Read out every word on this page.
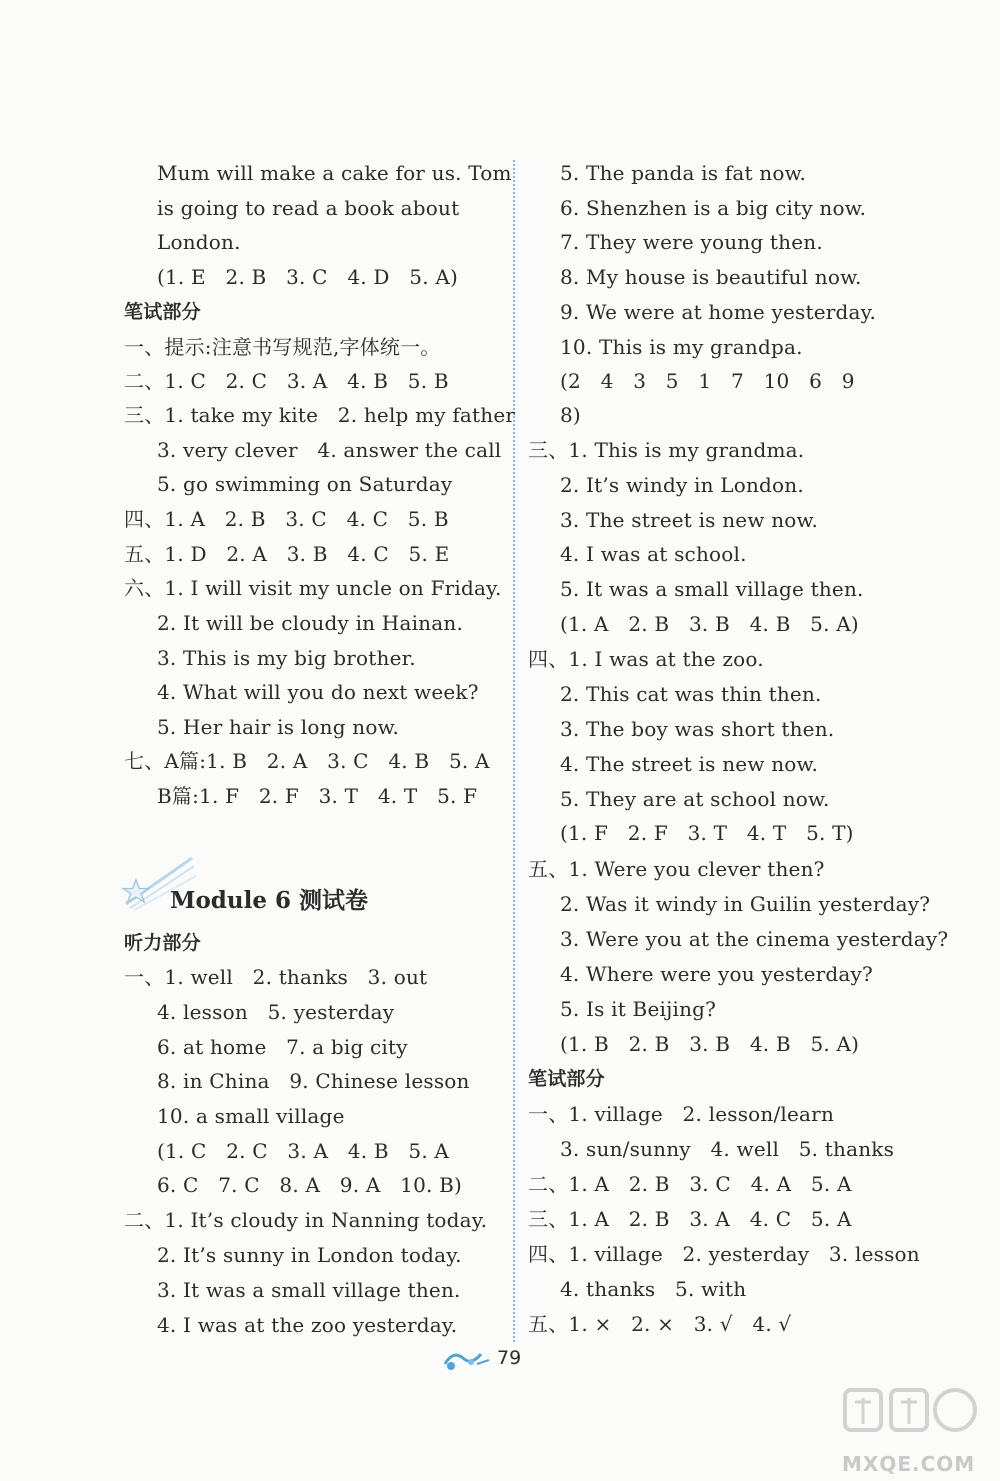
Mum will make a cake for us. Tom
is going to read a book about
London.
(1. E   2. B   3. C   4. D   5. A)
笔试部分
一、提示:注意书写规范,字体统一。
二、1. C   2. C   3. A   4. B   5. B
三、1. take my kite   2. help my father
3. very clever   4. answer the call
5. go swimming on Saturday
四、1. A   2. B   3. C   4. C   5. B
五、1. D   2. A   3. B   4. C   5. E
六、1. I will visit my uncle on Friday.
2. It will be cloudy in Hainan.
3. This is my big brother.
4. What will you do next week?
5. Her hair is long now.
七、A篇:1. B   2. A   3. C   4. B   5. A
B篇:1. F   2. F   3. T   4. T   5. F
听力部分
一、1. well   2. thanks   3. out
4. lesson   5. yesterday
6. at home   7. a big city
8. in China   9. Chinese lesson
10. a small village
(1. C   2. C   3. A   4. B   5. A
6. C   7. C   8. A   9. A   10. B)
二、1. It’s cloudy in Nanning today.
2. It’s sunny in London today.
3. It was a small village then.
4. I was at the zoo yesterday.
5. The panda is fat now.
6. Shenzhen is a big city now.
7. They were young then.
8. My house is beautiful now.
9. We were at home yesterday.
10. This is my grandpa.
(2   4   3   5   1   7   10   6   9
8)
三、1. This is my grandma.
2. It’s windy in London.
3. The street is new now.
4. I was at school.
5. It was a small village then.
(1. A   2. B   3. B   4. B   5. A)
四、1. I was at the zoo.
2. This cat was thin then.
3. The boy was short then.
4. The street is new now.
5. They are at school now.
(1. F   2. F   3. T   4. T   5. T)
五、1. Were you clever then?
2. Was it windy in Guilin yesterday?
3. Were you at the cinema yesterday?
4. Where were you yesterday?
5. Is it Beijing?
(1. B   2. B   3. B   4. B   5. A)
笔试部分
一、1. village   2. lesson/learn
3. sun/sunny   4. well   5. thanks
二、1. A   2. B   3. C   4. A   5. A
三、1. A   2. B   3. A   4. C   5. A
四、1. village   2. yesterday   3. lesson
4. thanks   5. with
五、1. ×   2. ×   3. √   4. √
Module 6 测试卷
79
MXQE.COM
